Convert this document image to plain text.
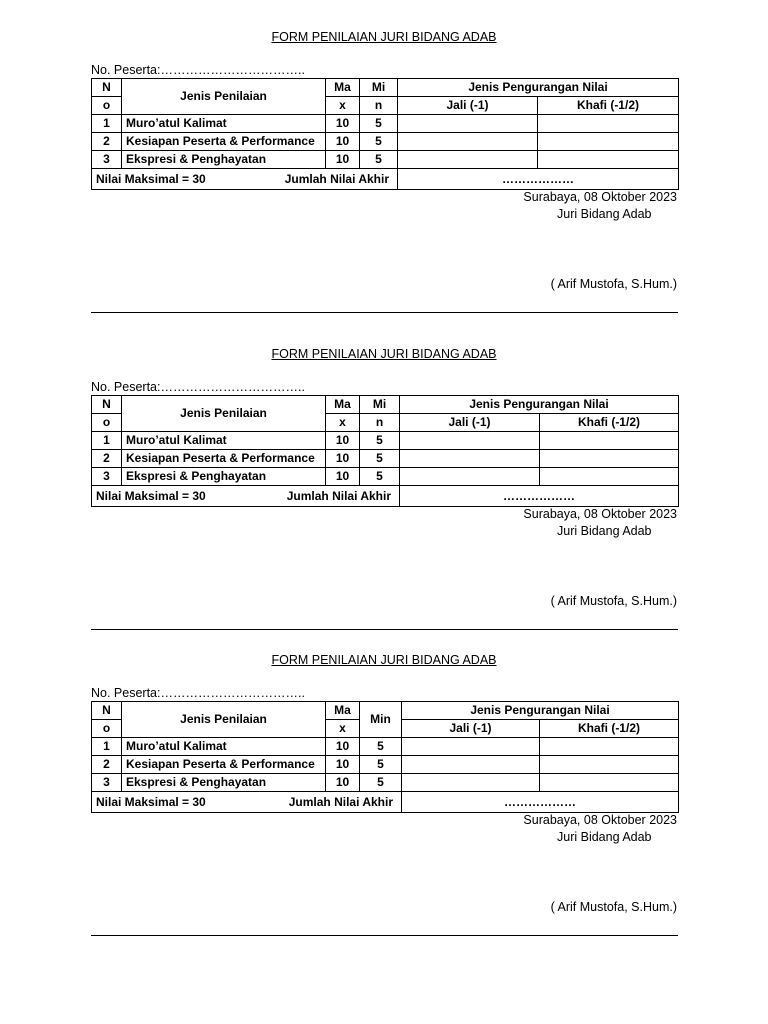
FORM PENILAIAN JURI BIDANG ADAB
No. Peserta:……………………………..
N	Jenis Penilaian	Ma	Mi	Jenis Pengurangan Nilai	
o		x	n	Jali (-1)	Khafi (-1/2)
1	Muro’atul Kalimat	10	5		
2	Kesiapan Peserta & Performance	10	5		
3	Ekspresi & Penghayatan	10	5		

Nilai Maksimal = 30 Jumlah Nilai Akhir				………………	
Surabaya, 08 Oktober 2023
Juri Bidang Adab
( Arif Mustofa, S.Hum.)
FORM PENILAIAN JURI BIDANG ADAB
No. Peserta:……………………………..
N	Jenis Penilaian	Ma	Mi	Jenis Pengurangan Nilai	
o		x	n	Jali (-1)	Khafi (-1/2)
1	Muro’atul Kalimat	10	5		
2	Kesiapan Peserta & Performance	10	5		
3	Ekspresi & Penghayatan	10	5		

Nilai Maksimal = 30 Jumlah Nilai Akhir				………………	
Surabaya, 08 Oktober 2023
Juri Bidang Adab
( Arif Mustofa, S.Hum.)
FORM PENILAIAN JURI BIDANG ADAB
No. Peserta:……………………………..
N	Jenis Penilaian	Ma	Min	Jenis Pengurangan Nilai	
o		x		Jali (-1)	Khafi (-1/2)
1	Muro’atul Kalimat	10	5		
2	Kesiapan Peserta & Performance	10	5		
3	Ekspresi & Penghayatan	10	5		

Nilai Maksimal = 30 Jumlah Nilai Akhir				………………	
Surabaya, 08 Oktober 2023
Juri Bidang Adab
( Arif Mustofa, S.Hum.)
